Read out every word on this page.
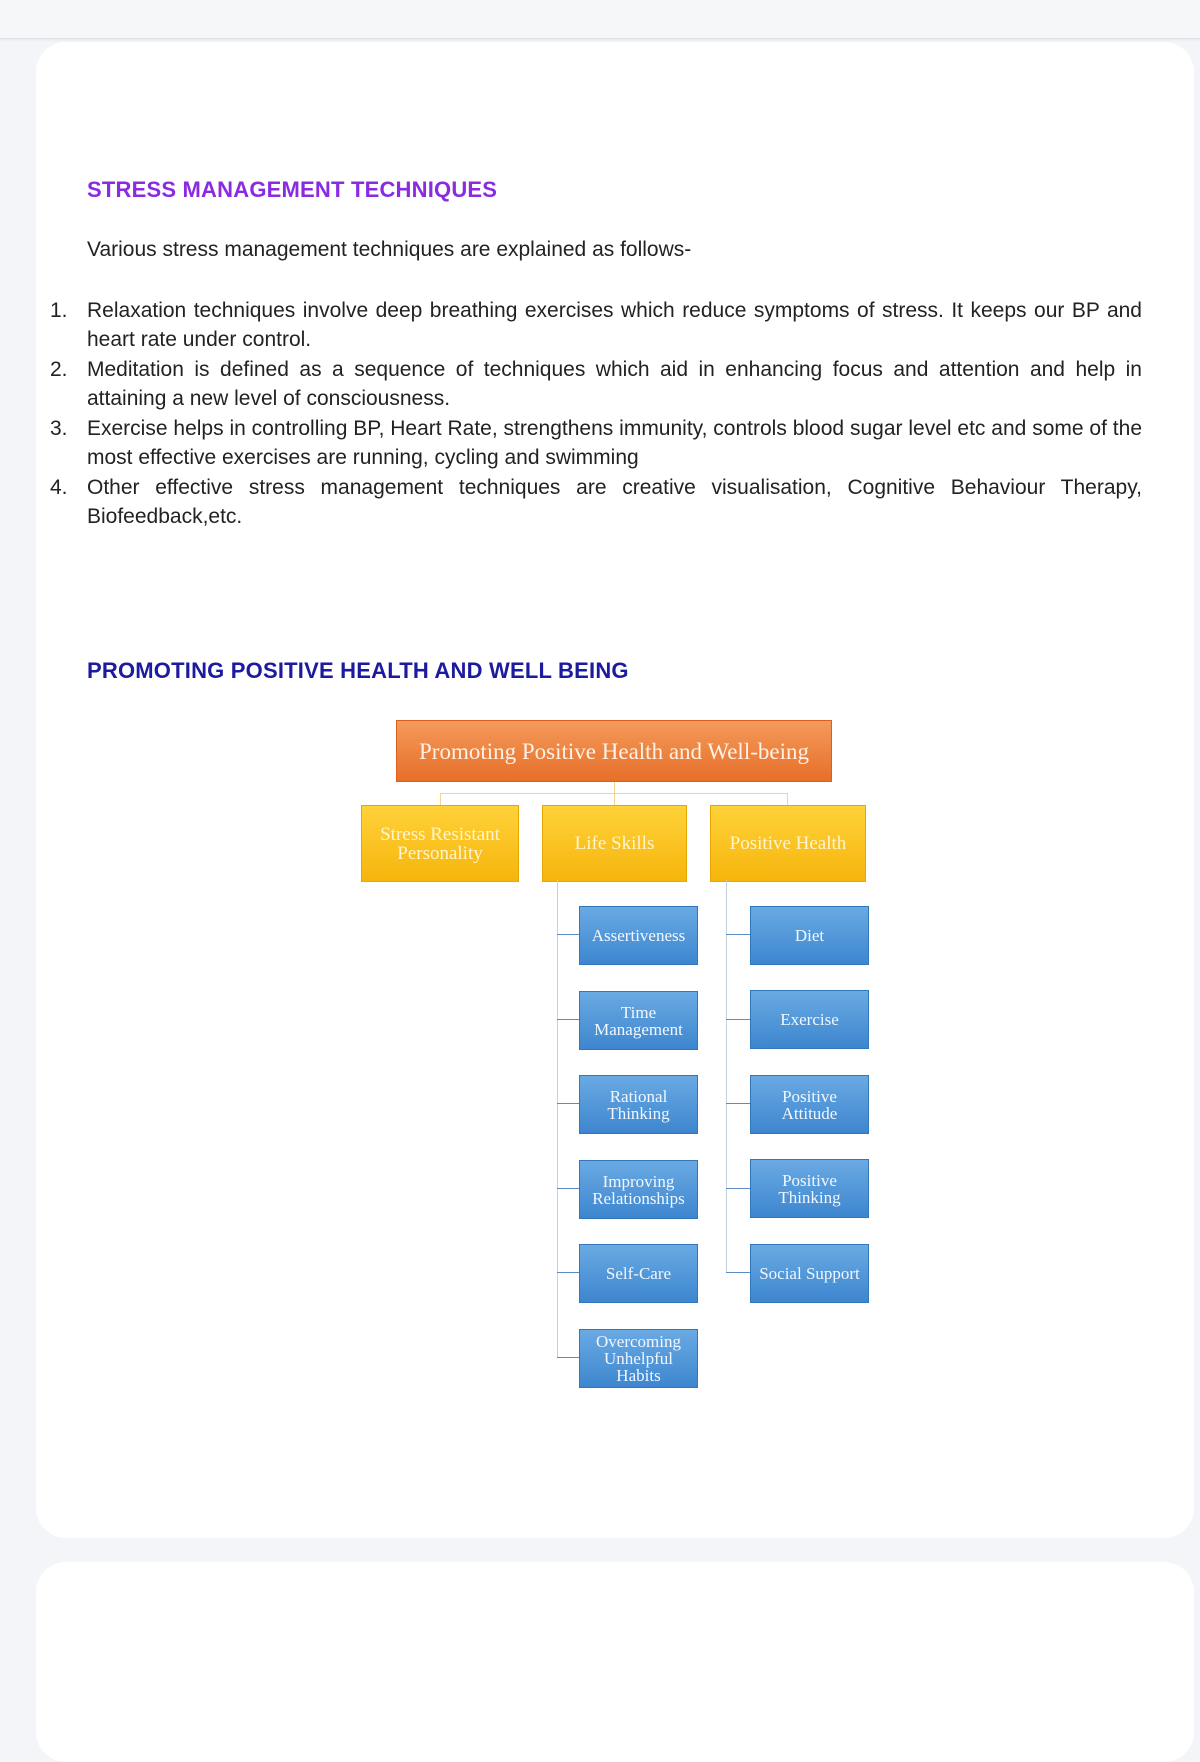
STRESS MANAGEMENT TECHNIQUES

Various stress management techniques are explained as follows-

1. Relaxation techniques involve deep breathing exercises which reduce symptoms of stress. It keeps our BP and heart rate under control.
2. Meditation is defined as a sequence of techniques which aid in enhancing focus and attention and help in attaining a new level of consciousness.
3. Exercise helps in controlling BP, Heart Rate, strengthens immunity, controls blood sugar level etc and some of the most effective exercises are running, cycling and swimming
4. Other effective stress management techniques are creative visualisation, Cognitive Behaviour Therapy, Biofeedback,etc.
PROMOTING POSITIVE HEALTH AND WELL BEING
Promoting Positive Health and Well-being
Stress Resistant Personality	Life Skills	Positive Health
Assertiveness
Time Management
Rational Thinking
Improving Relationships
Self-Care
Overcoming Unhelpful Habits
Diet
Exercise
Positive Attitude
Positive Thinking
Social Support
